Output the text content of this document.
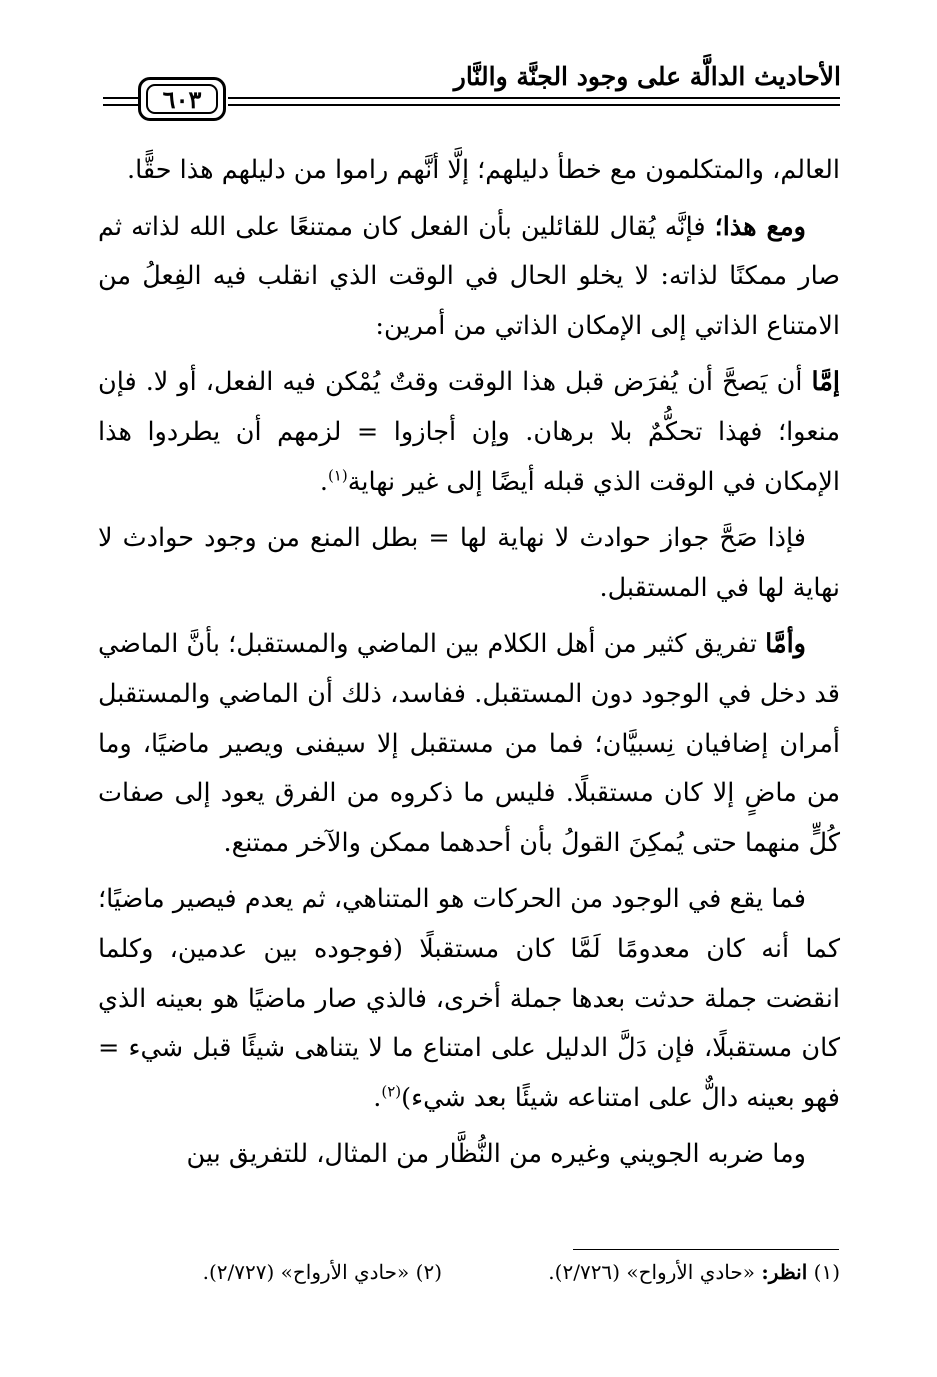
الأحاديث الدالَّة على وجود الجنَّة والنَّار
٦٠٣

العالم، والمتكلمون مع خطأ دليلهم؛ إلَّا أنَّهم راموا من دليلهم هذا حقًّا.

ومع هذا؛ فإنَّه يُقال للقائلين بأن الفعل كان ممتنعًا على الله لذاته ثم صار ممكنًا لذاته: لا يخلو الحال في الوقت الذي انقلب فيه الفِعلُ من الامتناع الذاتي إلى الإمكان الذاتي من أمرين:

إمَّا أن يَصحَّ أن يُفرَض قبل هذا الوقت وقتٌ يُمْكن فيه الفعل، أو لا. فإن منعوا؛ فهذا تحكُّمٌ بلا برهان. وإن أجازوا = لزمهم أن يطردوا هذا الإمكان في الوقت الذي قبله أيضًا إلى غير نهاية$^{(١)}$.

فإذا صَحَّ جواز حوادث لا نهاية لها = بطل المنع من وجود حوادث لا نهاية لها في المستقبل.

وأمَّا تفريق كثير من أهل الكلام بين الماضي والمستقبل؛ بأنَّ الماضي قد دخل في الوجود دون المستقبل. ففاسد، ذلك أن الماضي والمستقبل أمران إضافيان نِسبيَّان؛ فما من مستقبل إلا سيفنى ويصير ماضيًا، وما من ماضٍ إلا كان مستقبلًا. فليس ما ذكروه من الفرق يعود إلى صفات كُلٍّ منهما حتى يُمكِنَ القولُ بأن أحدهما ممكن والآخر ممتنع.

فما يقع في الوجود من الحركات هو المتناهي، ثم يعدم فيصير ماضيًا؛ كما أنه كان معدومًا لَمَّا كان مستقبلًا (فوجوده بين عدمين، وكلما انقضت جملة حدثت بعدها جملة أخرى، فالذي صار ماضيًا هو بعينه الذي كان مستقبلًا، فإن دَلَّ الدليل على امتناع ما لا يتناهى شيئًا قبل شيء = فهو بعينه دالٌّ على امتناعه شيئًا بعد شيء)$^{(٢)}$.

وما ضربه الجويني وغيره من النُّظَّار من المثال، للتفريق بين

(١) انظر: «حادي الأرواح» (٢/٧٢٦).
(٢) «حادي الأرواح» (٢/٧٢٧).
